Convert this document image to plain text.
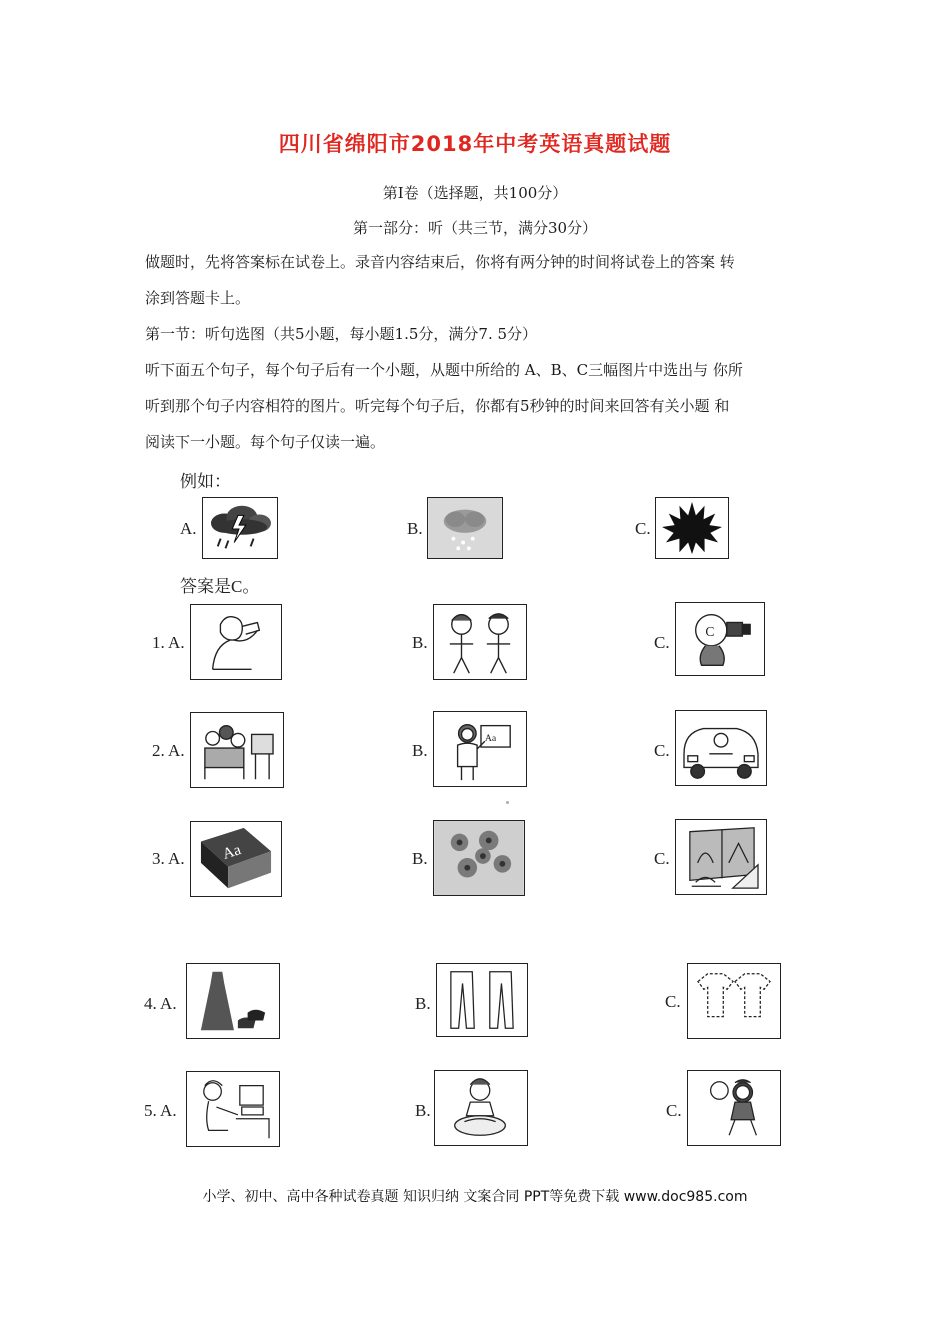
四川省绵阳市2018年中考英语真题试题
第Ⅰ卷（选择题，共100分）
第一部分：听（共三节，满分30分）
做题时，先将答案标在试卷上。录音内容结束后，你将有两分钟的时间将试卷上的答案 转
涂到答题卡上。
第一节：听句选图（共5小题，每小题1.5分，满分7. 5分）
听下面五个句子，每个句子后有一个小题，从题中所给的 A、B、C三幅图片中选出与 你所
听到那个句子内容相符的图片。听完每个句子后，你都有5秒钟的时间来回答有关小题 和
阅读下一小题。每个句子仅读一遍。
例如：
A.	B.	C.
答案是C。
1. A.	B.	C.
C
2. A.	B.
Aa
C.
3. A. Aa	B.	C.
4. A.	B.	C.
5. A.	B.	C.
小学、初中、高中各种试卷真题 知识归纳 文案合同 PPT等免费下载 www.doc985.com
